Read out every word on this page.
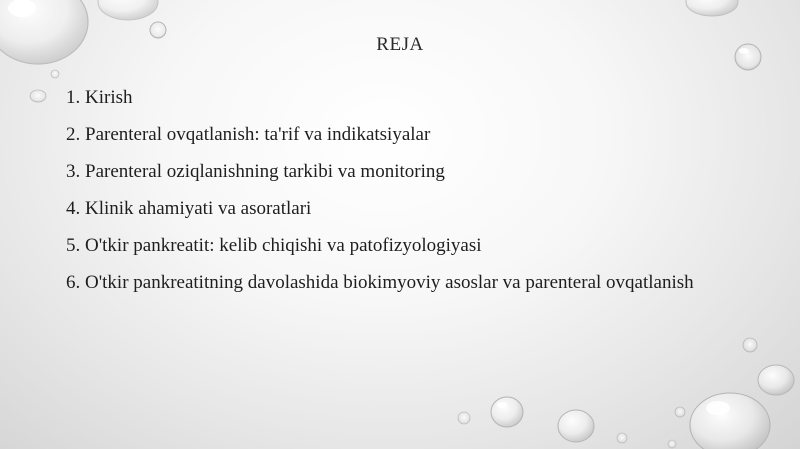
REJA
1. Kirish
2. Parenteral ovqatlanish: ta'rif va indikatsiyalar
3. Parenteral oziqlanishning tarkibi va monitoring
4. Klinik ahamiyati va asoratlari
5. O'tkir pankreatit: kelib chiqishi va patofizyologiyasi
6. O'tkir pankreatitning davolashida biokimyoviy asoslar va parenteral ovqatlanish
